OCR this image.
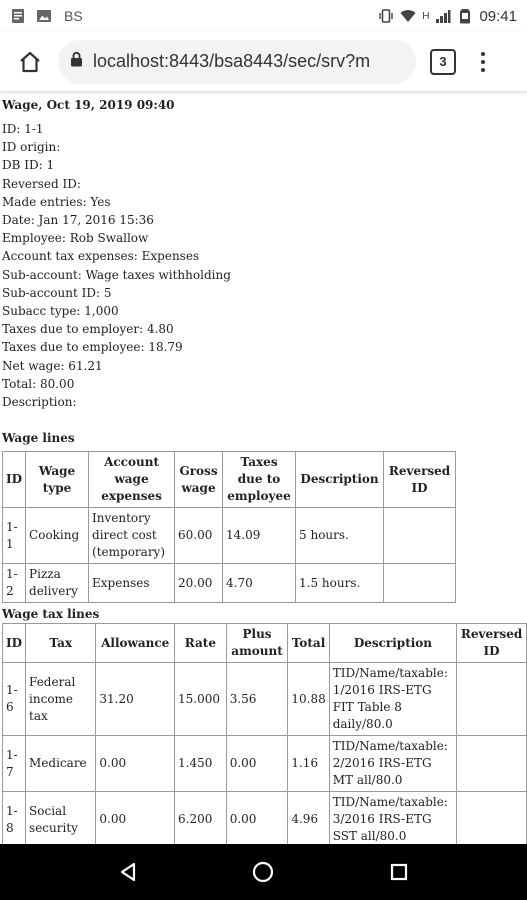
BS	H	09:41
localhost:8443/bsa8443/sec/srv?m	3
Wage, Oct 19, 2019 09:40
ID: 1-1
ID origin:
DB ID: 1
Reversed ID:
Made entries: Yes
Date: Jan 17, 2016 15:36
Employee: Rob Swallow
Account tax expenses: Expenses
Sub-account: Wage taxes withholding
Sub-account ID: 5
Subacc type: 1,000
Taxes due to employer: 4.80
Taxes due to employee: 18.79
Net wage: 61.21
Total: 80.00
Description:
Wage lines
ID	Wage type	Account wage expenses	Gross wage	Taxes due to employee	Description	Reversed ID
1-1	Cooking	Inventory direct cost (temporary)	60.00	14.09	5 hours.	
1-2	Pizza delivery	Expenses	20.00	4.70	1.5 hours.	
Wage tax lines
ID	Tax	Allowance	Rate	Plus amount	Total	Description	Reversed ID
1-6	Federal income tax	31.20	15.000	3.56	10.88	TID/Name/taxable: 1/2016 IRS-ETG FIT Table 8 daily/80.0	
1-7	Medicare	0.00	1.450	0.00	1.16	TID/Name/taxable: 2/2016 IRS-ETG MT all/80.0	
1-8	Social security	0.00	6.200	0.00	4.96	TID/Name/taxable: 3/2016 IRS-ETG SST all/80.0	
